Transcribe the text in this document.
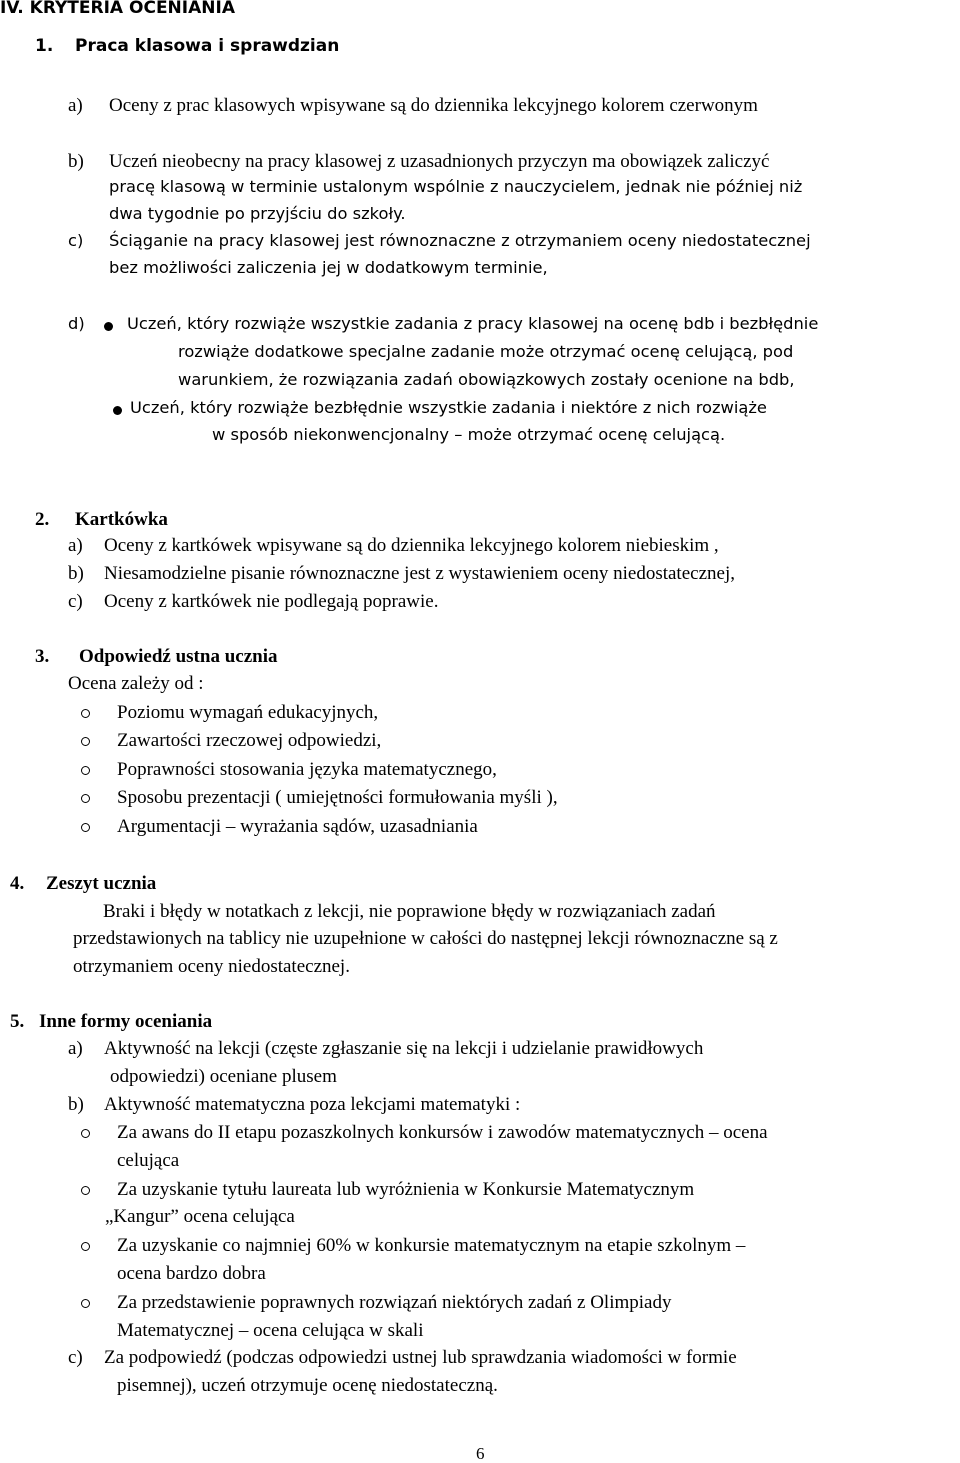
IV. KRYTERIA OCENIANIA
1. Praca klasowa i sprawdzian
a) Oceny z prac klasowych wpisywane są do dziennika lekcyjnego kolorem czerwonym
b) Uczeń nieobecny na pracy klasowej z uzasadnionych przyczyn ma obowiązek zaliczyć
pracę klasową w terminie ustalonym wspólnie z nauczycielem, jednak nie później niż
dwa tygodnie po przyjściu do szkoły.
c) Ściąganie na pracy klasowej jest równoznaczne z otrzymaniem oceny niedostatecznej
bez możliwości zaliczenia jej w dodatkowym terminie,
d)	Uczeń, który rozwiąże wszystkie zadania z pracy klasowej na ocenę bdb i bezbłędnie
rozwiąże dodatkowe specjalne zadanie może otrzymać ocenę celującą, pod
warunkiem, że rozwiązania zadań obowiązkowych zostały ocenione na bdb,
Uczeń, który rozwiąże bezbłędnie wszystkie zadania i niektóre z nich rozwiąże
w sposób niekonwencjonalny – może otrzymać ocenę celującą.
2. Kartkówka
a) Oceny z kartkówek wpisywane są do dziennika lekcyjnego kolorem niebieskim ,
b) Niesamodzielne pisanie równoznaczne jest z wystawieniem oceny niedostatecznej,
c) Oceny z kartkówek nie podlegają poprawie.
3. Odpowiedź ustna ucznia
Ocena zależy od :
Poziomu wymagań edukacyjnych,
Zawartości rzeczowej odpowiedzi,
Poprawności stosowania języka matematycznego,
Sposobu prezentacji ( umiejętności formułowania myśli ),
Argumentacji – wyrażania sądów, uzasadniania
4. Zeszyt ucznia
Braki i błędy w notatkach z lekcji, nie poprawione błędy w rozwiązaniach zadań
przedstawionych na tablicy nie uzupełnione w całości do następnej lekcji równoznaczne są z
otrzymaniem oceny niedostatecznej.
5. Inne formy oceniania
a) Aktywność na lekcji (częste zgłaszanie się na lekcji i udzielanie prawidłowych
odpowiedzi) oceniane plusem
b) Aktywność matematyczna poza lekcjami matematyki :
Za awans do II etapu pozaszkolnych konkursów i zawodów matematycznych – ocena
celująca
Za uzyskanie tytułu laureata lub wyróżnienia w Konkursie Matematycznym
„Kangur” ocena celująca
Za uzyskanie co najmniej 60% w konkursie matematycznym na etapie szkolnym –
ocena bardzo dobra
Za przedstawienie poprawnych rozwiązań niektórych zadań z Olimpiady
Matematycznej – ocena celująca w skali
c) Za podpowiedź (podczas odpowiedzi ustnej lub sprawdzania wiadomości w formie
pisemnej), uczeń otrzymuje ocenę niedostateczną.
6
